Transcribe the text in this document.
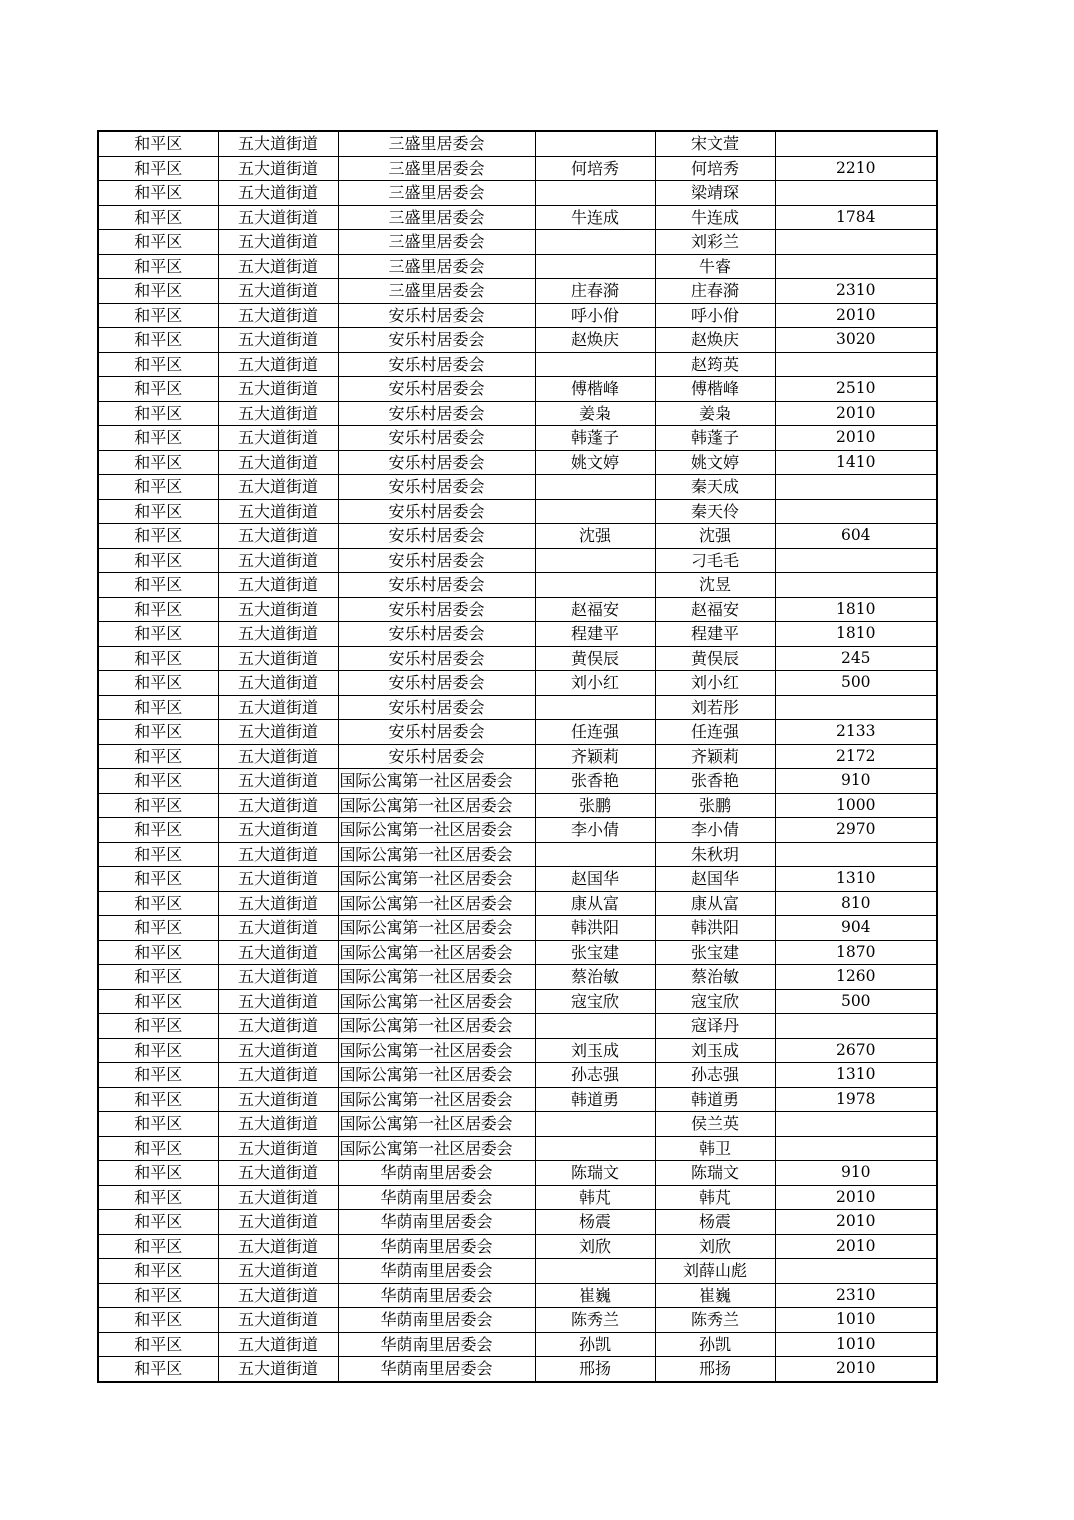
和平区	五大道街道	三盛里居委会		宋文萱	
和平区	五大道街道	三盛里居委会	何培秀	何培秀	2210
和平区	五大道街道	三盛里居委会		梁靖琛	
和平区	五大道街道	三盛里居委会	牛连成	牛连成	1784
和平区	五大道街道	三盛里居委会		刘彩兰	
和平区	五大道街道	三盛里居委会		牛睿	
和平区	五大道街道	三盛里居委会	庄春漪	庄春漪	2310
和平区	五大道街道	安乐村居委会	呼小佾	呼小佾	2010
和平区	五大道街道	安乐村居委会	赵焕庆	赵焕庆	3020
和平区	五大道街道	安乐村居委会		赵筠英	
和平区	五大道街道	安乐村居委会	傅楷峰	傅楷峰	2510
和平区	五大道街道	安乐村居委会	姜枭	姜枭	2010
和平区	五大道街道	安乐村居委会	韩蓬子	韩蓬子	2010
和平区	五大道街道	安乐村居委会	姚文婷	姚文婷	1410
和平区	五大道街道	安乐村居委会		秦天成	
和平区	五大道街道	安乐村居委会		秦天伶	
和平区	五大道街道	安乐村居委会	沈强	沈强	604
和平区	五大道街道	安乐村居委会		刁毛毛	
和平区	五大道街道	安乐村居委会		沈昱	
和平区	五大道街道	安乐村居委会	赵福安	赵福安	1810
和平区	五大道街道	安乐村居委会	程建平	程建平	1810
和平区	五大道街道	安乐村居委会	黄俣辰	黄俣辰	245
和平区	五大道街道	安乐村居委会	刘小红	刘小红	500
和平区	五大道街道	安乐村居委会		刘若彤	
和平区	五大道街道	安乐村居委会	任连强	任连强	2133
和平区	五大道街道	安乐村居委会	齐颖莉	齐颖莉	2172
和平区	五大道街道	国际公寓第一社区居委会	张香艳	张香艳	910
和平区	五大道街道	国际公寓第一社区居委会	张鹏	张鹏	1000
和平区	五大道街道	国际公寓第一社区居委会	李小倩	李小倩	2970
和平区	五大道街道	国际公寓第一社区居委会		朱秋玥	
和平区	五大道街道	国际公寓第一社区居委会	赵国华	赵国华	1310
和平区	五大道街道	国际公寓第一社区居委会	康从富	康从富	810
和平区	五大道街道	国际公寓第一社区居委会	韩洪阳	韩洪阳	904
和平区	五大道街道	国际公寓第一社区居委会	张宝建	张宝建	1870
和平区	五大道街道	国际公寓第一社区居委会	蔡治敏	蔡治敏	1260
和平区	五大道街道	国际公寓第一社区居委会	寇宝欣	寇宝欣	500
和平区	五大道街道	国际公寓第一社区居委会		寇译丹	
和平区	五大道街道	国际公寓第一社区居委会	刘玉成	刘玉成	2670
和平区	五大道街道	国际公寓第一社区居委会	孙志强	孙志强	1310
和平区	五大道街道	国际公寓第一社区居委会	韩道勇	韩道勇	1978
和平区	五大道街道	国际公寓第一社区居委会		侯兰英	
和平区	五大道街道	国际公寓第一社区居委会		韩卫	
和平区	五大道街道	华荫南里居委会	陈瑞文	陈瑞文	910
和平区	五大道街道	华荫南里居委会	韩芃	韩芃	2010
和平区	五大道街道	华荫南里居委会	杨震	杨震	2010
和平区	五大道街道	华荫南里居委会	刘欣	刘欣	2010
和平区	五大道街道	华荫南里居委会		刘薛山彪	
和平区	五大道街道	华荫南里居委会	崔巍	崔巍	2310
和平区	五大道街道	华荫南里居委会	陈秀兰	陈秀兰	1010
和平区	五大道街道	华荫南里居委会	孙凯	孙凯	1010
和平区	五大道街道	华荫南里居委会	邢扬	邢扬	2010
